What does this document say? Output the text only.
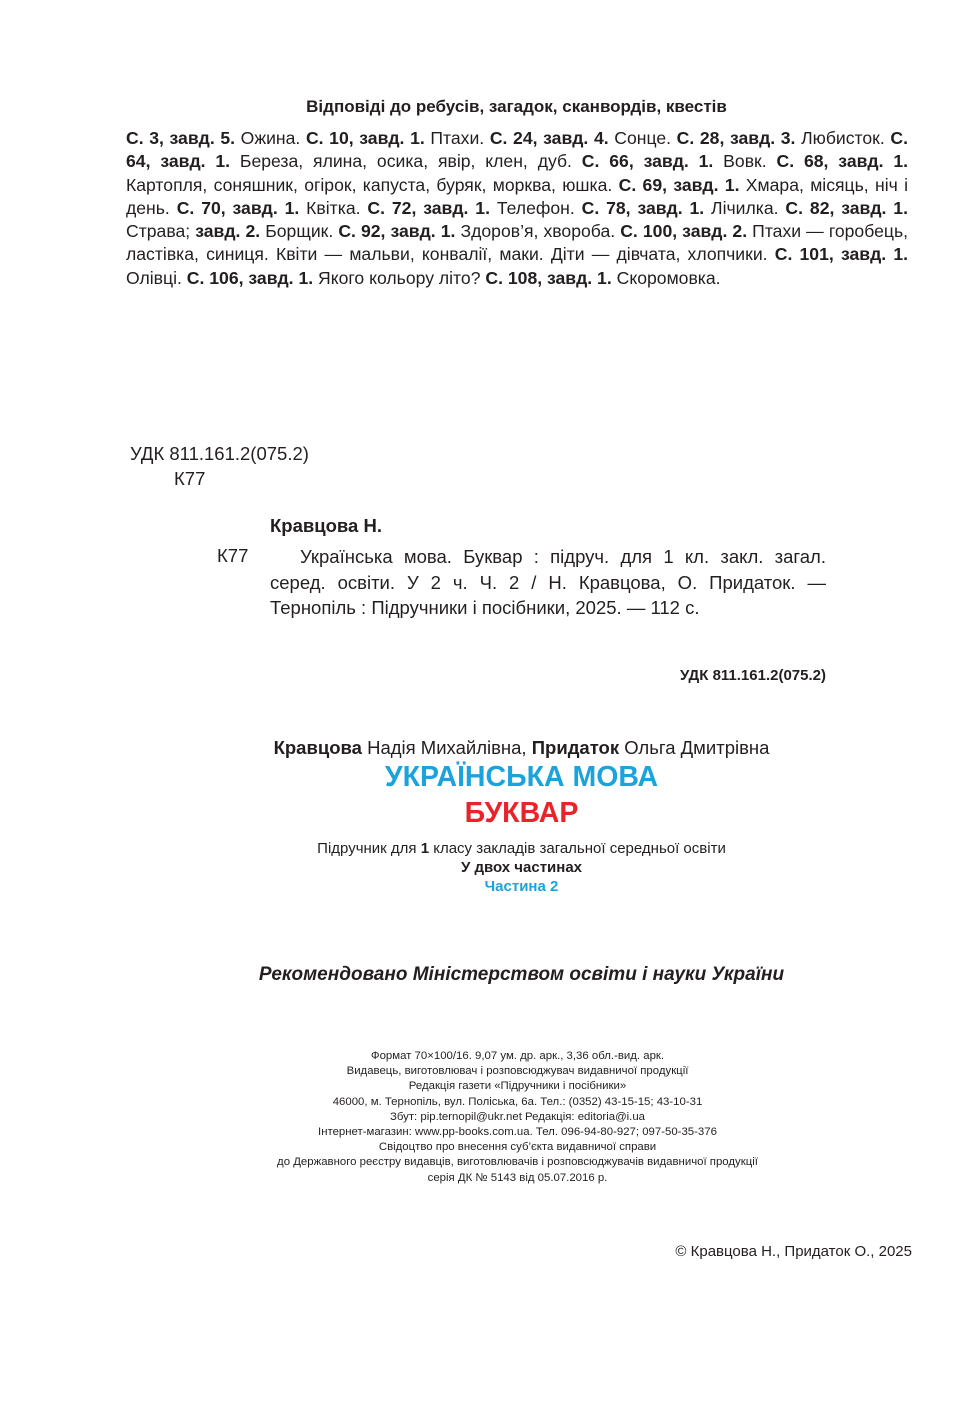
Відповіді до ребусів, загадок, сканвордів, квестів
С. 3, завд. 5. Ожина. С. 10, завд. 1. Птахи. С. 24, завд. 4. Сонце. С. 28, завд. 3. Любисток. С. 64, завд. 1. Береза, ялина, осика, явір, клен, дуб. С. 66, завд. 1. Вовк. С. 68, завд. 1. Картопля, соняшник, огірок, капуста, буряк, морква, юшка. С. 69, завд. 1. Хмара, місяць, ніч і день. С. 70, завд. 1. Квітка. С. 72, завд. 1. Телефон. С. 78, завд. 1. Лічилка. С. 82, завд. 1. Страва; завд. 2. Борщик. С. 92, завд. 1. Здоров’я, хвороба. С. 100, завд. 2. Птахи — горобець, ластівка, синиця. Квіти — мальви, конвалії, маки. Діти — дівчата, хлопчики. С. 101, завд. 1. Олівці. С. 106, завд. 1. Якого кольору літо? С. 108, завд. 1. Скоромовка.
УДК 811.161.2(075.2)
К77
Кравцова Н.
К77	Українська мова. Буквар : підруч. для 1 кл. закл. загал. серед. освіти. У 2 ч. Ч. 2 / Н. Кравцова, О. Придаток. — Тернопіль : Підручники і посібники, 2025. — 112 с.
УДК 811.161.2(075.2)
Кравцова Надія Михайлівна, Придаток Ольга Дмитрівна
УКРАЇНСЬКА МОВА
БУКВАР
Підручник для 1 класу закладів загальної середньої освіти
У двох частинах
Частина 2
Рекомендовано Міністерством освіти і науки України
Формат 70×100/16. 9,07 ум. др. арк., 3,36 обл.-вид. арк.
Видавець, виготовлювач і розповсюджувач видавничої продукції
Редакція газети «Підручники і посібники»
46000, м. Тернопіль, вул. Поліська, 6а. Тел.: (0352) 43-15-15; 43-10-31
Збут: pip.ternopil@ukr.net Редакція: editoria@i.ua
Інтернет-магазин: www.pp-books.com.ua. Тел. 096-94-80-927; 097-50-35-376
Свідоцтво про внесення суб’єкта видавничої справи
до Державного реєстру видавців, виготовлювачів і розповсюджувачів видавничої продукції
серія ДК № 5143 від 05.07.2016 р.
© Кравцова Н., Придаток О., 2025
